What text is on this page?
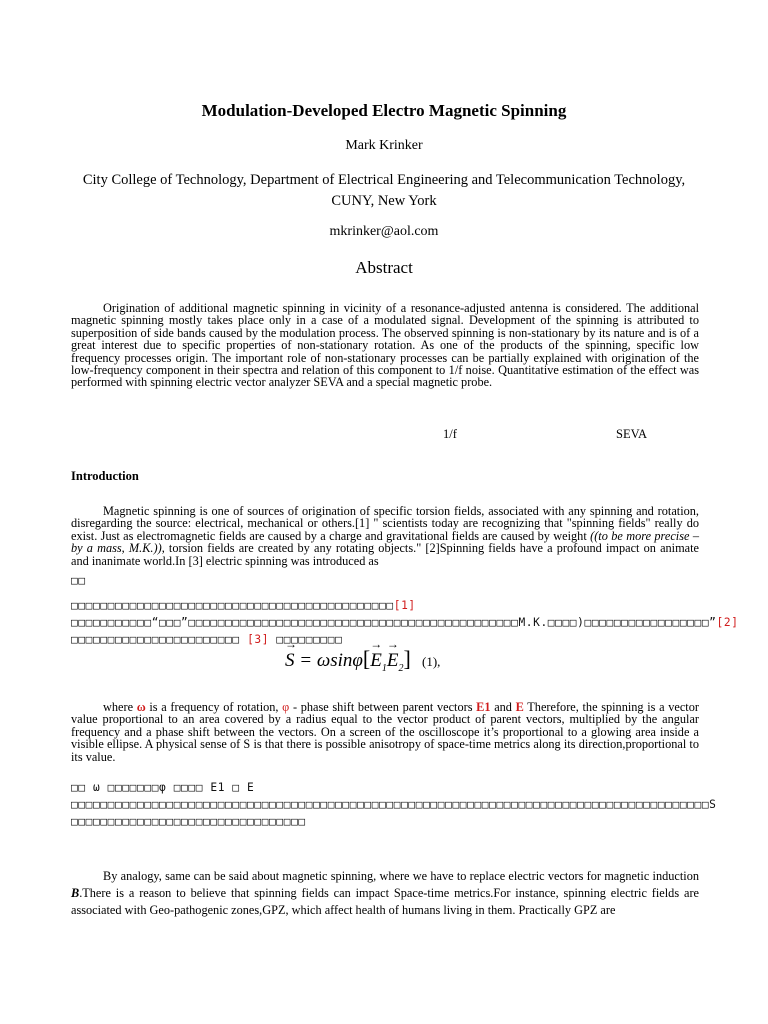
Modulation-Developed Electro Magnetic Spinning
Mark Krinker
City College of Technology, Department of Electrical Engineering and Telecommunication Technology, CUNY, New York
mkrinker@aol.com
Abstract
Origination of additional magnetic spinning in vicinity of a resonance-adjusted antenna is considered. The additional magnetic spinning mostly takes place only in a case of a modulated signal. Development of the spinning is attributed to superposition of side bands caused by the modulation process. The observed spinning is non-stationary by its nature and is of a great interest due to specific properties of non-stationary rotation. As one of the products of the spinning, specific low frequency processes origin. The important role of non-stationary processes can be partially explained with origination of the low-frequency component in their spectra and relation of this component to 1/f noise. Quantitative estimation of the effect was performed with spinning electric vector analyzer SEVA and a special magnetic probe.
1/f	SEVA
Introduction
Magnetic spinning is one of sources of origination of specific torsion fields, associated with any spinning and rotation, disregarding the source: electrical, mechanical or others.[1] " scientists today are recognizing that "spinning fields" really do exist. Just as electromagnetic fields are caused by a charge and gravitational fields are caused by weight ((to be more precise – by a mass, M.K.)), torsion fields are created by any rotating objects." [2]Spinning fields have a profound impact on animate and inanimate world.In [3] electric spinning was introduced as
□□
□□□□□□□□□□□□□□□□□□□□□□□□□□□□□□□□□□□□□□□□□□□□[1] □□□□□□□□□□□“□□□”□□□□□□□□□□□□□□□□□□□□□□□□□□□□□□□□□□□□□□□□□□□□□M.K.□□□□)□□□□□□□□□□□□□□□□□”[2] □□□□□□□□□□□□□□□□□□□□□□□ [3] □□□□□□□□□
→ $S = \omega\sin\varphi[\to E_1\to E_2]$ (1),
where ω is a frequency of rotation, φ - phase shift between parent vectors E1 and E Therefore, the spinning is a vector value proportional to an area covered by a radius equal to the vector product of parent vectors, multiplied by the angular frequency and a phase shift between the vectors. On a screen of the oscilloscope it’s proportional to a glowing area inside a visible ellipse. A physical sense of S is that there is possible anisotropy of space-time metrics along its direction,proportional to its value.
□□ ω □□□□□□□φ □□□□ E1 □ E □□□□□□□□□□□□□□□□□□□□□□□□□□□□□□□□□□□□□□□□□□□□□□□□□□□□□□□□□□□□□□□□□□□□□□□□□□□□□□□□□□□□□□□S □□□□□□□□□□□□□□□□□□□□□□□□□□□□□□□□
By analogy, same can be said about magnetic spinning, where we have to replace electric vectors for magnetic induction B.There is a reason to believe that spinning fields can impact Space-time metrics.For instance, spinning electric fields are associated with Geo-pathogenic zones,GPZ, which affect health of humans living in them. Practically GPZ are
